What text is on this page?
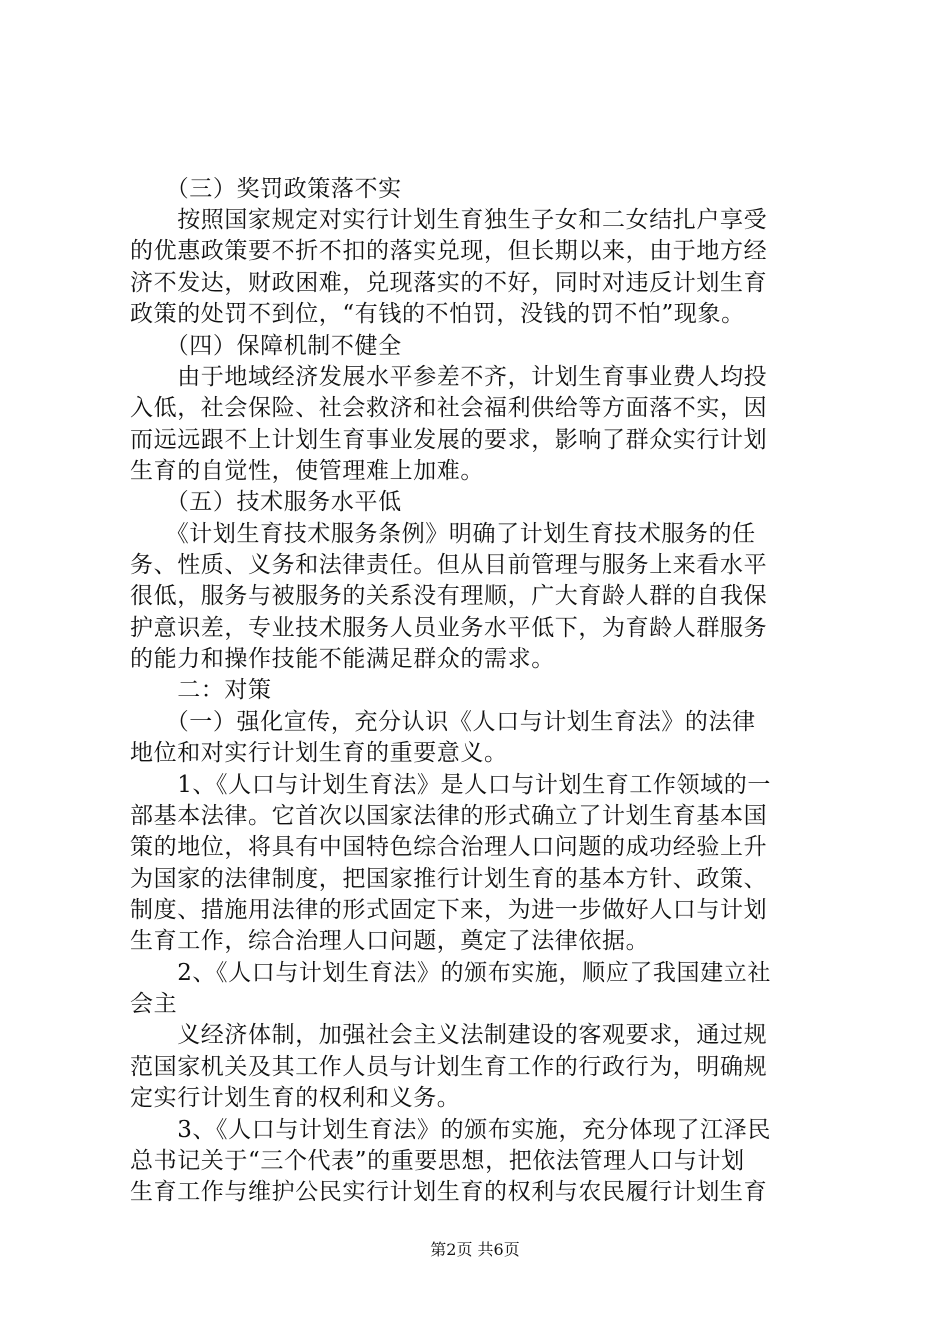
　　（三）奖罚政策落不实
　　按照国家规定对实行计划生育独生子女和二女结扎户享受
的优惠政策要不折不扣的落实兑现，但长期以来，由于地方经
济不发达，财政困难，兑现落实的不好，同时对违反计划生育
政策的处罚不到位，“有钱的不怕罚，没钱的罚不怕”现象。
　　（四）保障机制不健全
　　由于地域经济发展水平参差不齐，计划生育事业费人均投
入低，社会保险、社会救济和社会福利供给等方面落不实，因
而远远跟不上计划生育事业发展的要求，影响了群众实行计划
生育的自觉性，使管理难上加难。
　　（五）技术服务水平低
　　《计划生育技术服务条例》明确了计划生育技术服务的任
务、性质、义务和法律责任。但从目前管理与服务上来看水平
很低，服务与被服务的关系没有理顺，广大育龄人群的自我保
护意识差，专业技术服务人员业务水平低下，为育龄人群服务
的能力和操作技能不能满足群众的需求。
　　二：对策
　　（一）强化宣传，充分认识《人口与计划生育法》的法律
地位和对实行计划生育的重要意义。
　　1、《人口与计划生育法》是人口与计划生育工作领域的一
部基本法律。它首次以国家法律的形式确立了计划生育基本国
策的地位，将具有中国特色综合治理人口问题的成功经验上升
为国家的法律制度，把国家推行计划生育的基本方针、政策、
制度、措施用法律的形式固定下来，为进一步做好人口与计划
生育工作，综合治理人口问题，奠定了法律依据。
　　2、《人口与计划生育法》的颁布实施，顺应了我国建立社
会主
　　义经济体制，加强社会主义法制建设的客观要求，通过规
范国家机关及其工作人员与计划生育工作的行政行为，明确规
定实行计划生育的权利和义务。
　　3、《人口与计划生育法》的颁布实施，充分体现了江泽民
总书记关于“三个代表”的重要思想，把依法管理人口与计划
生育工作与维护公民实行计划生育的权利与农民履行计划生育
第2页 共6页
